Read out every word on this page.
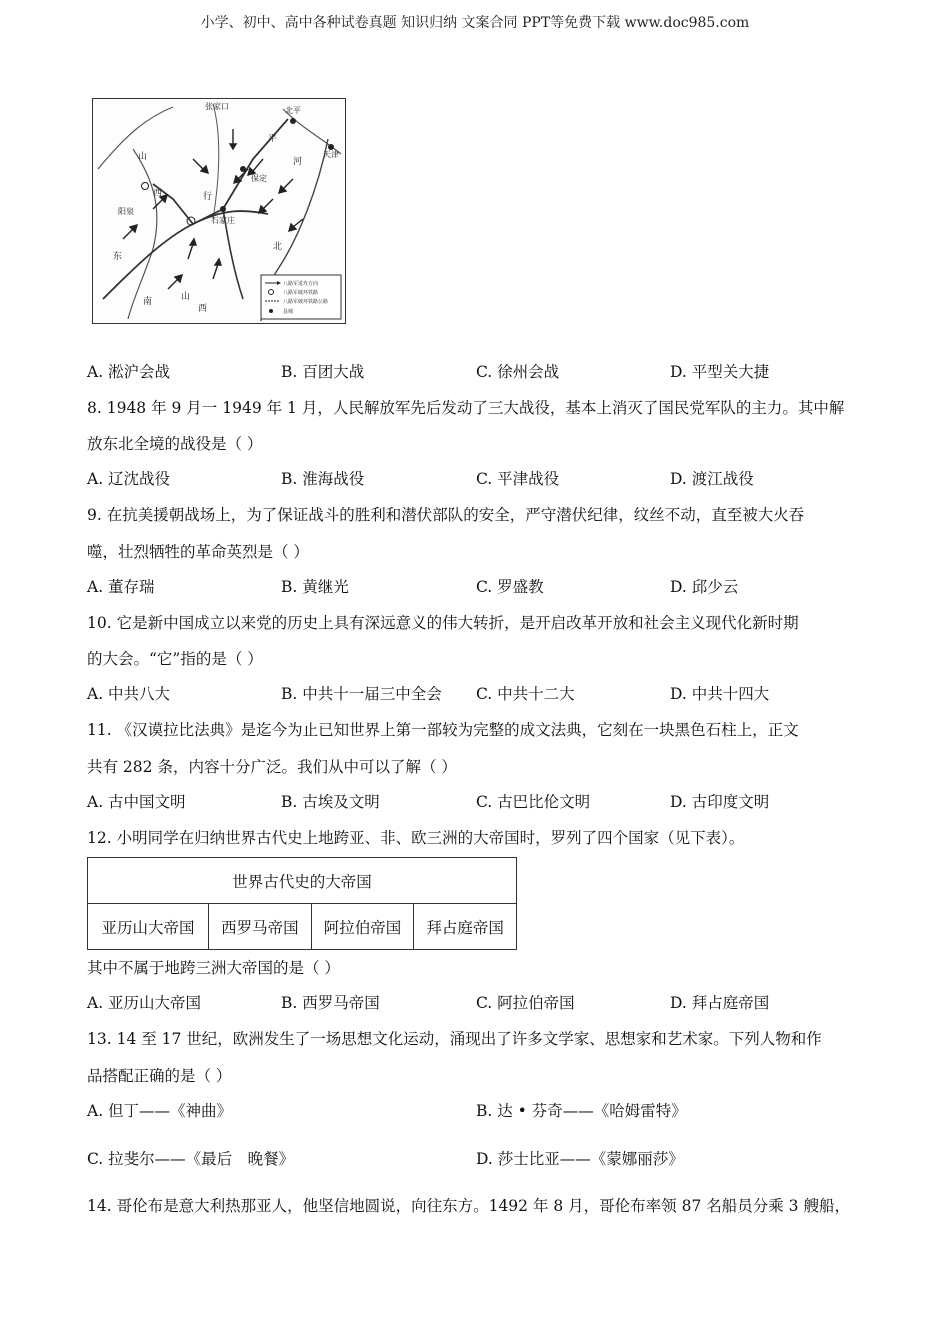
小学、初中、高中各种试卷真题 知识归纳 文案合同 PPT等免费下载 www.doc985.com
张家口	北平
天津
山
西	行
保定
阳泉
石家庄
平
河
北
东
南	山
西
八路军进攻方向
八路军破坏铁路
八路军破坏铁路公路
县城
A. 淞沪会战	B. 百团大战	C. 徐州会战	D. 平型关大捷
8. 1948 年 9 月一 1949 年 1 月，人民解放军先后发动了三大战役，基本上消灭了国民党军队的主力。其中解
放东北全境的战役是（ ）
A. 辽沈战役	B. 淮海战役	C. 平津战役	D. 渡江战役
9. 在抗美援朝战场上，为了保证战斗的胜利和潜伏部队的安全，严守潜伏纪律，纹丝不动，直至被大火吞
噬，壮烈牺牲的革命英烈是（ ）
A. 董存瑞	B. 黄继光	C. 罗盛教	D. 邱少云
10. 它是新中国成立以来党的历史上具有深远意义的伟大转折，是开启改革开放和社会主义现代化新时期
的大会。“它”指的是（ ）
A. 中共八大	B. 中共十一届三中全会 C. 中共十二大	D. 中共十四大
11. 《汉谟拉比法典》是迄今为止已知世界上第一部较为完整的成文法典，它刻在一块黑色石柱上，正文
共有 282 条，内容十分广泛。我们从中可以了解（ ）
A. 古中国文明	B. 古埃及文明	C. 古巴比伦文明	D. 古印度文明
12. 小明同学在归纳世界古代史上地跨亚、非、欧三洲的大帝国时，罗列了四个国家（见下表）。
世界古代史的大帝国
亚历山大帝国	西罗马帝国	阿拉伯帝国	拜占庭帝国
其中不属于地跨三洲大帝国的是（ ）
A. 亚历山大帝国	B. 西罗马帝国	C. 阿拉伯帝国	D. 拜占庭帝国
13. 14 至 17 世纪，欧洲发生了一场思想文化运动，涌现出了许多文学家、思想家和艺术家。下列人物和作
品搭配正确的是（ ）
A. 但丁——《神曲》	B. 达 • 芬奇——《哈姆雷特》
C. 拉斐尔——《最后　晚餐》	D. 莎士比亚——《蒙娜丽莎》
14. 哥伦布是意大利热那亚人，他坚信地圆说，向往东方。1492 年 8 月，哥伦布率领 87 名船员分乘 3 艘船，
